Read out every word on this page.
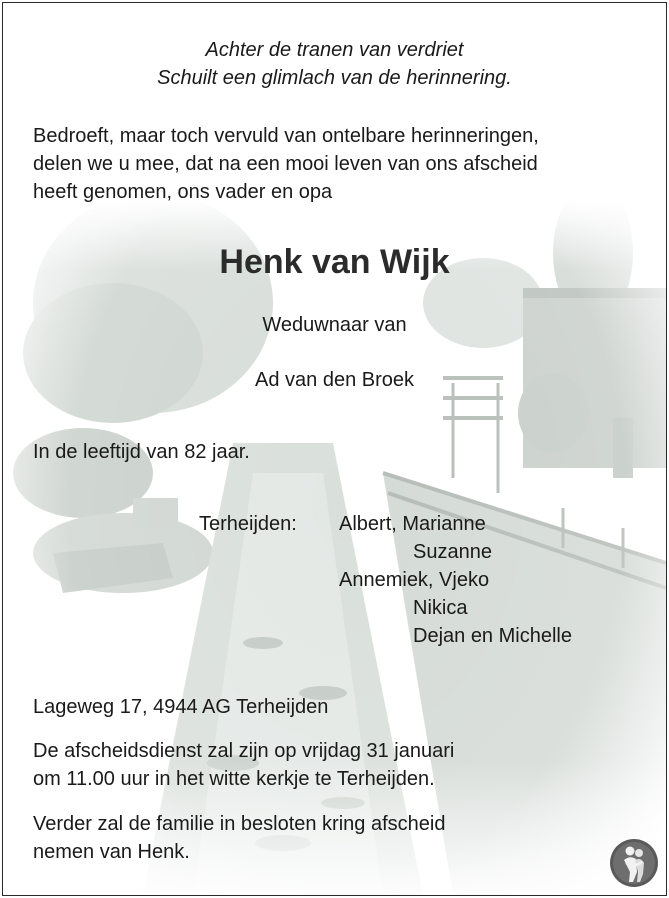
Achter de tranen van verdriet
Schuilt een glimlach van de herinnering.
Bedroeft, maar toch vervuld van ontelbare herinneringen,
delen we u mee, dat na een mooi leven van ons afscheid
heeft genomen, ons vader en opa
Henk van Wijk
Weduwnaar van
Ad van den Broek
In de leeftijd van 82 jaar.
Terheijden: Albert, Marianne
Suzanne
Annemiek, Vjeko
Nikica
Dejan en Michelle
Lageweg 17, 4944 AG Terheijden
De afscheidsdienst zal zijn op vrijdag 31 januari
om 11.00 uur in het witte kerkje te Terheijden.
Verder zal de familie in besloten kring afscheid
nemen van Henk.
